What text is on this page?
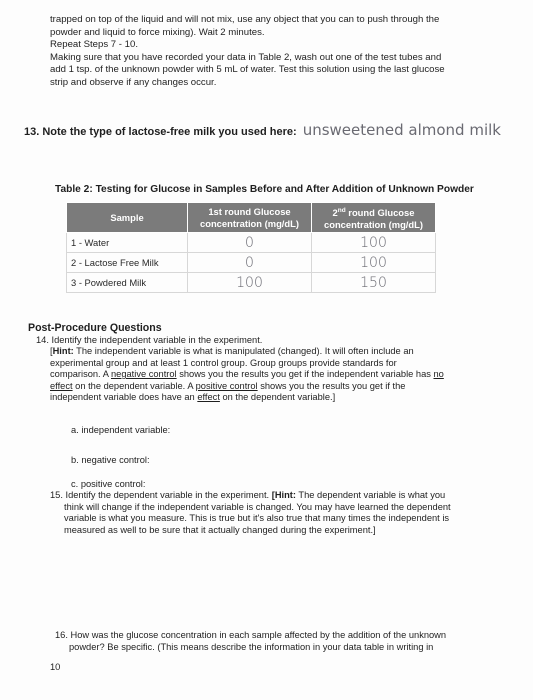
trapped on top of the liquid and will not mix, use any object that you can to push through the
powder and liquid to force mixing). Wait 2 minutes.
Repeat Steps 7 - 10.
Making sure that you have recorded your data in Table 2, wash out one of the test tubes and
add 1 tsp. of the unknown powder with 5 mL of water. Test this solution using the last glucose
strip and observe if any changes occur.
13. Note the type of lactose-free milk you used here: unsweetened almond milk
Table 2: Testing for Glucose in Samples Before and After Addition of Unknown Powder
Sample	1st round Glucose concentration (mg/dL)	2nd round Glucose concentration (mg/dL)
1 - Water	0	100
2 - Lactose Free Milk	0	100
3 - Powdered Milk	100	150
Post-Procedure Questions
14. Identify the independent variable in the experiment.
[Hint: The independent variable is what is manipulated (changed). It will often include an
experimental group and at least 1 control group. Group groups provide standards for
comparison. A negative control shows you the results you get if the independent variable has no
effect on the dependent variable. A positive control shows you the results you get if the
independent variable does have an effect on the dependent variable.]
a. independent variable:
b. negative control:
c. positive control:
15. Identify the dependent variable in the experiment. [Hint: The dependent variable is what you
think will change if the independent variable is changed. You may have learned the dependent
variable is what you measure. This is true but it's also true that many times the independent is
measured as well to be sure that it actually changed during the experiment.]
16. How was the glucose concentration in each sample affected by the addition of the unknown
powder? Be specific. (This means describe the information in your data table in writing in
10
